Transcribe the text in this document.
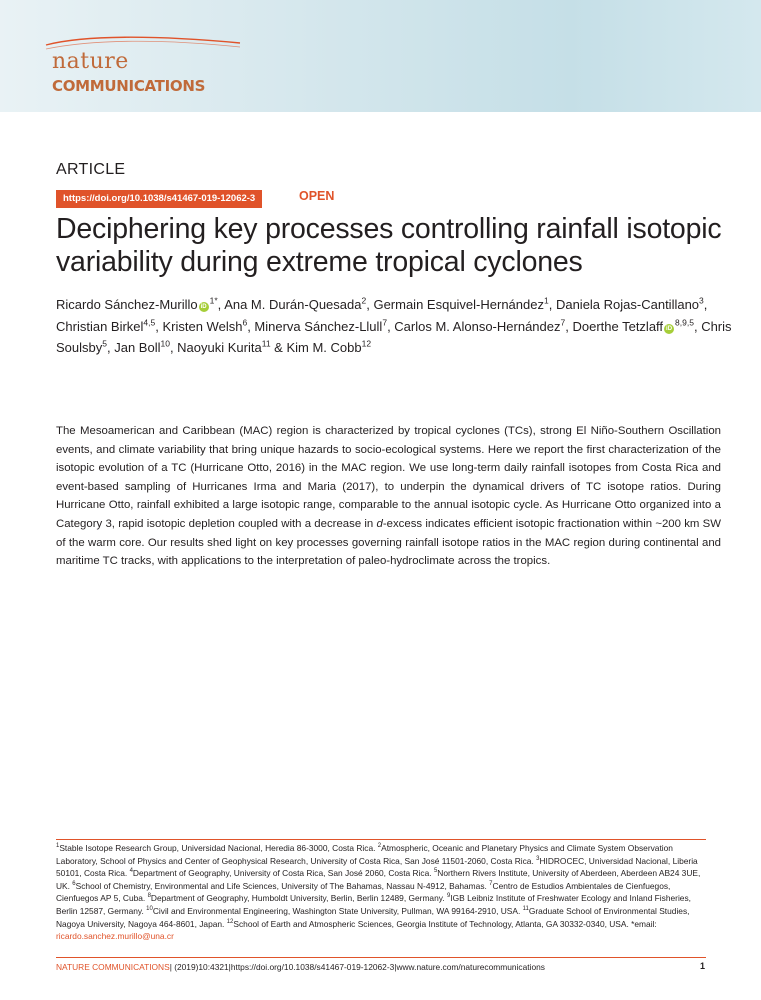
nature
COMMUNICATIONS
ARTICLE
https://doi.org/10.1038/s41467-019-12062-3	OPEN
Deciphering key processes controlling rainfall isotopic variability during extreme tropical cyclones

Ricardo Sánchez-Murillo $iD^{1*}$, Ana M. Durán-Quesada$^2$, Germain Esquivel-Hernández$^1$, Daniela Rojas-Cantillano$^3$, Christian Birkel$^{4,5}$, Kristen Welsh$^6$, Minerva Sánchez-Llull$^7$, Carlos M. Alonso-Hernández$^7$, Doerthe Tetzlaff iD$^{8,9,5}$, Chris Soulsby$^5$, Jan Boll$^{10}$, Naoyuki Kurita$^{11}$ & Kim M. Cobb$^{12}$

The Mesoamerican and Caribbean (MAC) region is characterized by tropical cyclones (TCs), strong El Niño-Southern Oscillation events, and climate variability that bring unique hazards to socio-ecological systems. Here we report the first characterization of the isotopic evolution of a TC (Hurricane Otto, 2016) in the MAC region. We use long-term daily rainfall isotopes from Costa Rica and event-based sampling of Hurricanes Irma and Maria (2017), to underpin the dynamical drivers of TC isotope ratios. During Hurricane Otto, rainfall exhibited a large isotopic range, comparable to the annual isotopic cycle. As Hurricane Otto organized into a Category 3, rapid isotopic depletion coupled with a decrease in d-excess indicates efficient isotopic fractionation within ~200 km SW of the warm core. Our results shed light on key processes governing rainfall isotope ratios in the MAC region during continental and maritime TC tracks, with applications to the interpretation of paleo-hydroclimate across the tropics.

$^1$Stable Isotope Research Group, Universidad Nacional, Heredia 86-3000, Costa Rica. $^2$Atmospheric, Oceanic and Planetary Physics and Climate System Observation Laboratory, School of Physics and Center of Geophysical Research, University of Costa Rica, San José 11501-2060, Costa Rica. $^3$HIDROCEC, Universidad Nacional, Liberia 50101, Costa Rica. $^4$Department of Geography, University of Costa Rica, San José 2060, Costa Rica. $^5$Northern Rivers Institute, University of Aberdeen, Aberdeen AB24 3UE, UK. $^6$School of Chemistry, Environmental and Life Sciences, University of The Bahamas, Nassau N-4912, Bahamas. $^7$Centro de Estudios Ambientales de Cienfuegos, Cienfuegos AP 5, Cuba. $^8$Department of Geography, Humboldt University, Berlin, Berlin 12489, Germany. $^9$IGB Leibniz Institute of Freshwater Ecology and Inland Fisheries, Berlin 12587, Germany. $^{10}$Civil and Environmental Engineering, Washington State University, Pullman, WA 99164-2910, USA. $^{11}$Graduate School of Environmental Studies, Nagoya University, Nagoya 464-8601, Japan. $^{12}$School of Earth and Atmospheric Sciences, Georgia Institute of Technology, Atlanta, GA 30332-0340, USA. *email: ricardo.sanchez.murillo@una.cr

NATURE COMMUNICATIONS| (2019)10:4321|https://doi.org/10.1038/s41467-019-12062-3|www.nature.com/naturecommunications	1
